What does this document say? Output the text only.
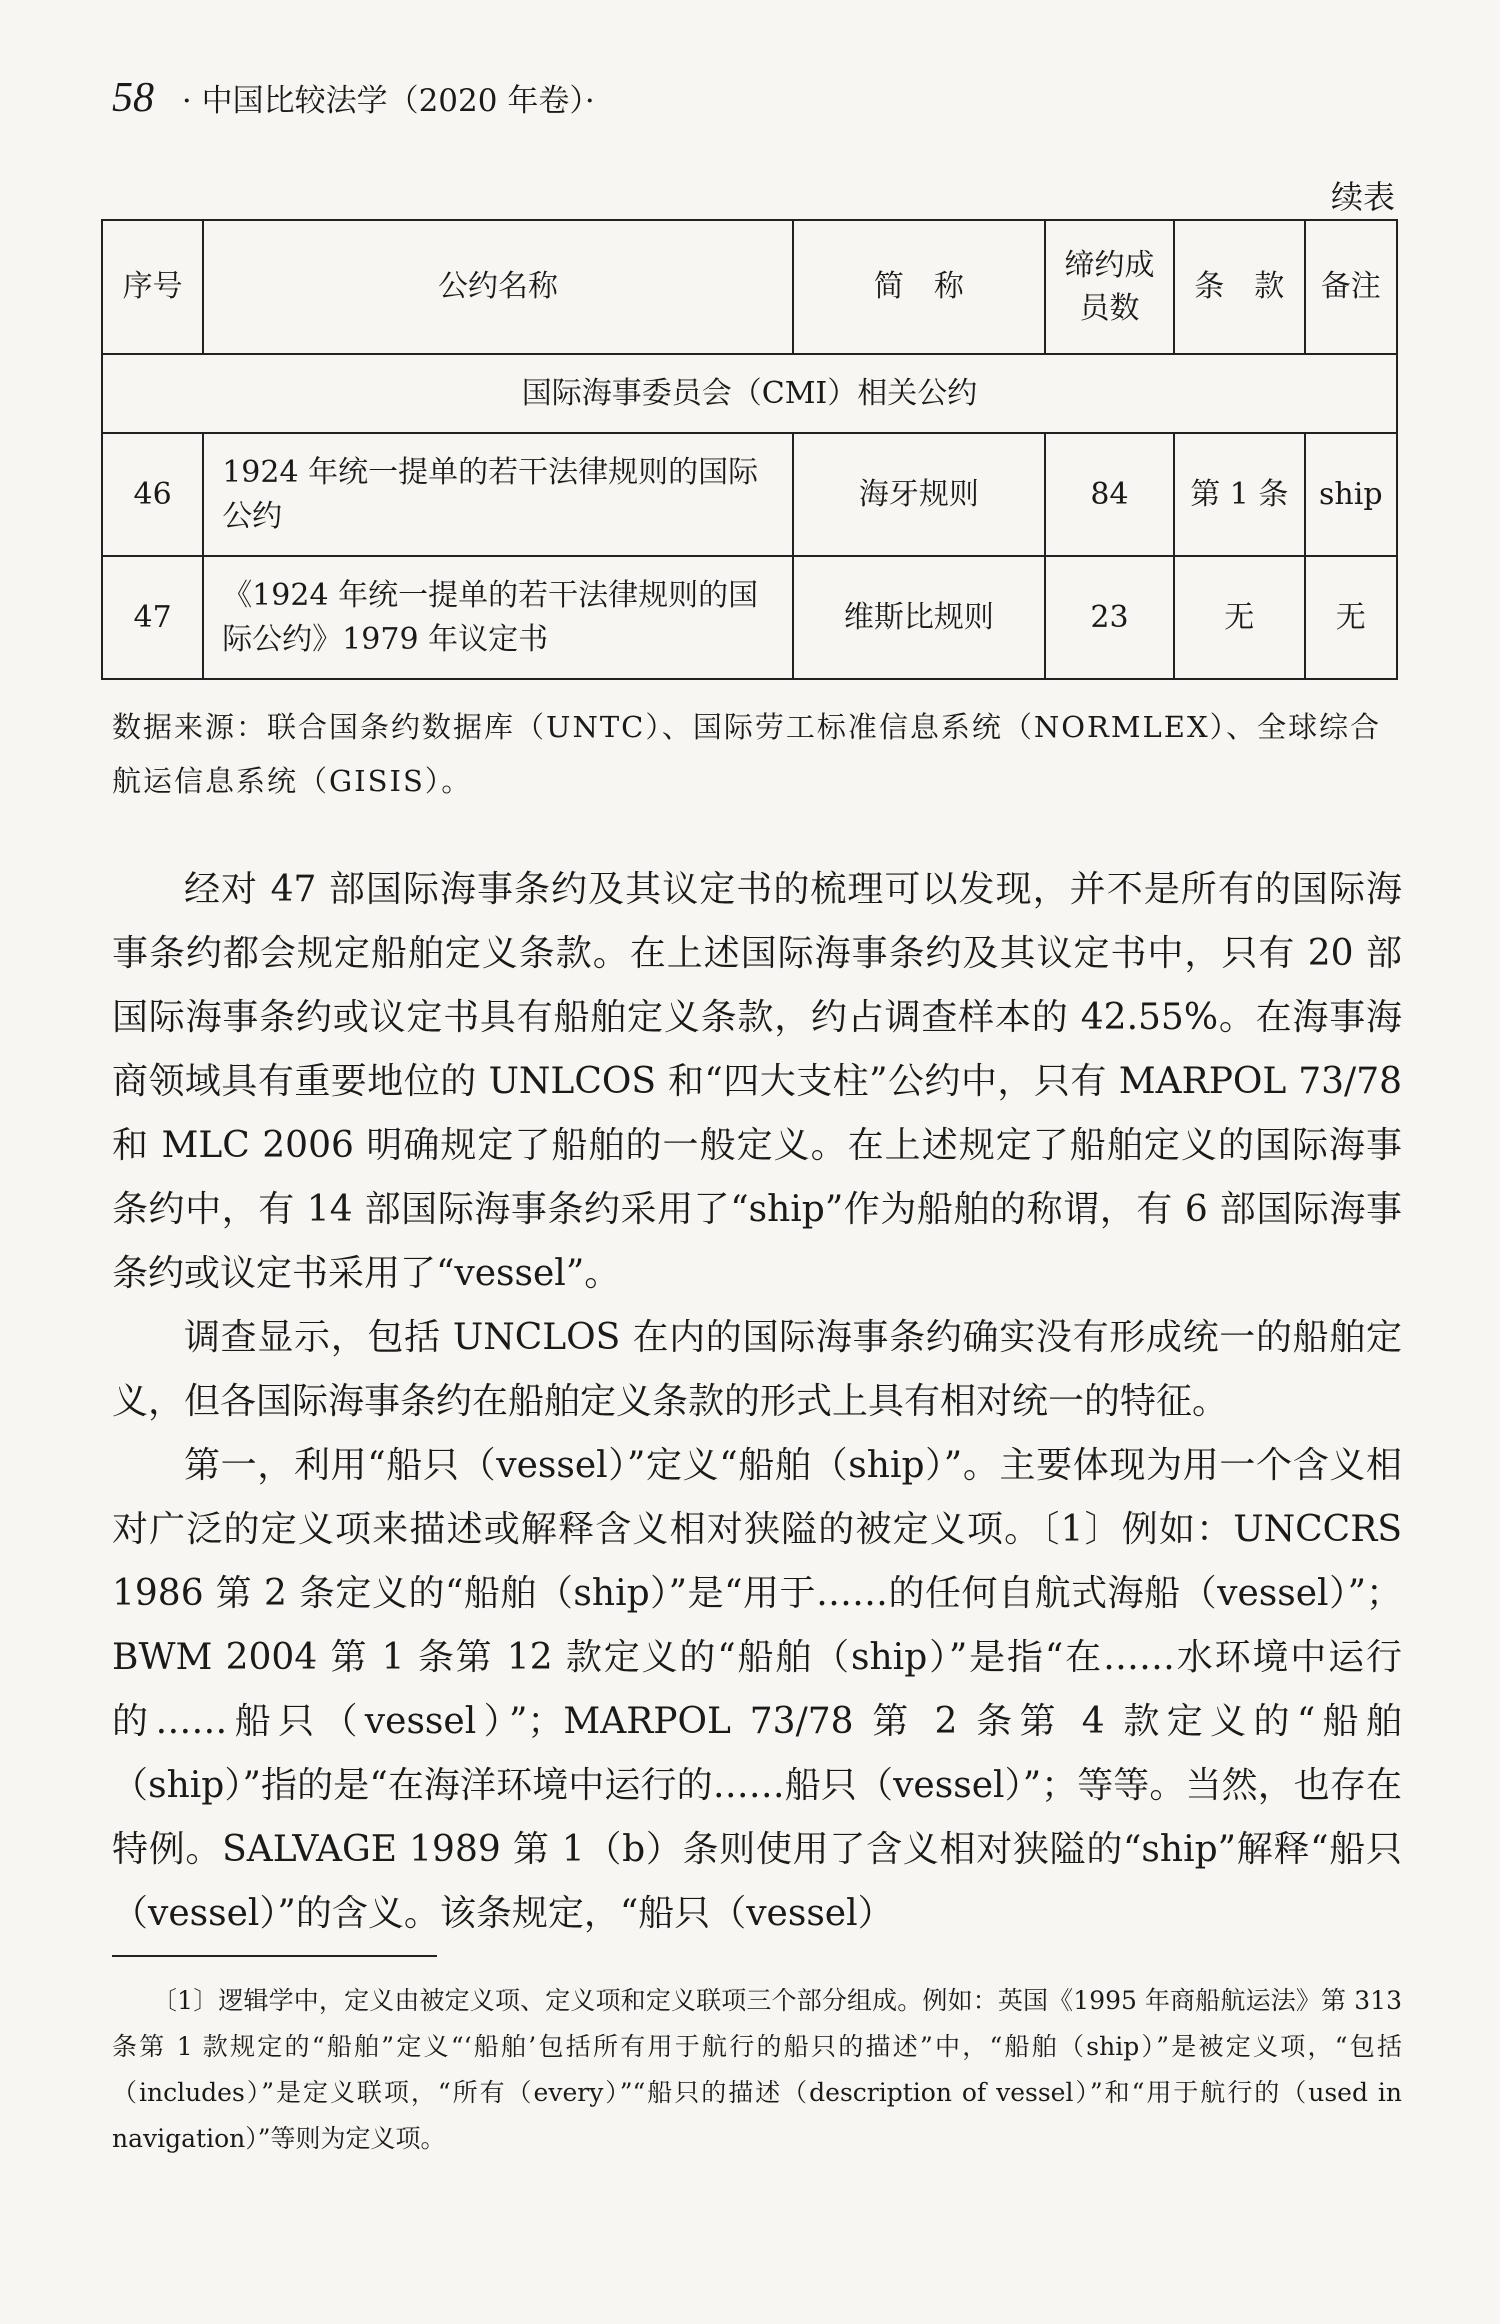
58 · 中国比较法学（2020 年卷）·
续表
序号	公约名称	简　称	缔约成员数	条　款	备注
国际海事委员会（CMI）相关公约					
46	1924 年统一提单的若干法律规则的国际公约	海牙规则	84	第 1 条	ship
47	《1924 年统一提单的若干法律规则的国际公约》1979 年议定书	维斯比规则	23	无	无
数据来源：联合国条约数据库（UNTC）、国际劳工标准信息系统（NORMLEX）、全球综合航运信息系统（GISIS）。

经对 47 部国际海事条约及其议定书的梳理可以发现，并不是所有的国际海事条约都会规定船舶定义条款。在上述国际海事条约及其议定书中，只有 20 部国际海事条约或议定书具有船舶定义条款，约占调查样本的 42.55%。在海事海商领域具有重要地位的 UNLCOS 和“四大支柱”公约中，只有 MARPOL 73/78 和 MLC 2006 明确规定了船舶的一般定义。在上述规定了船舶定义的国际海事条约中，有 14 部国际海事条约采用了“ship”作为船舶的称谓，有 6 部国际海事条约或议定书采用了“vessel”。

调查显示，包括 UNCLOS 在内的国际海事条约确实没有形成统一的船舶定义，但各国际海事条约在船舶定义条款的形式上具有相对统一的特征。

第一，利用“船只（vessel）”定义“船舶（ship）”。主要体现为用一个含义相对广泛的定义项来描述或解释含义相对狭隘的被定义项。〔1〕例如：UNCCRS 1986 第 2 条定义的“船舶（ship）”是“用于……的任何自航式海船（vessel）”；BWM 2004 第 1 条第 12 款定义的“船舶（ship）”是指“在……水环境中运行的……船只（vessel）”；MARPOL 73/78 第 2 条第 4 款定义的“船舶（ship）”指的是“在海洋环境中运行的……船只（vessel）”；等等。当然，也存在特例。SALVAGE 1989 第 1（b）条则使用了含义相对狭隘的“ship”解释“船只（vessel）”的含义。该条规定，“船只（vessel）

〔1〕逻辑学中，定义由被定义项、定义项和定义联项三个部分组成。例如：英国《1995 年商船航运法》第 313 条第 1 款规定的“船舶”定义“‘船舶’包括所有用于航行的船只的描述”中，“船舶（ship）”是被定义项，“包括（includes）”是定义联项，“所有（every）”“船只的描述（description of vessel）”和“用于航行的（used in navigation）”等则为定义项。
